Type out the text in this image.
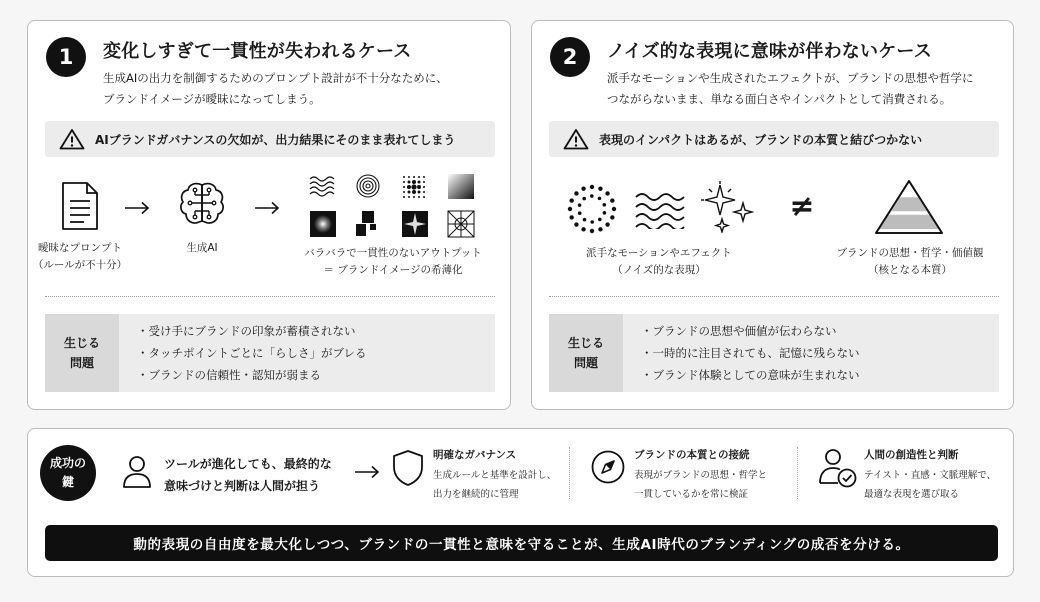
1	変化しすぎて一貫性が失われるケース
生成AIの出力を制御するためのプロンプト設計が不十分なために、
ブランドイメージが曖昧になってしまう。
AIブランドガバナンスの欠如が、出力結果にそのまま表れてしまう
曖昧なプロンプト
（ルールが不十分）
生成AI	バラバラで一貫性のないアウトプット
＝ ブランドイメージの希薄化
生じる
問題
・受け手にブランドの印象が蓄積されない
・タッチポイントごとに「らしさ」がブレる
・ブランドの信頼性・認知が弱まる
2	ノイズ的な表現に意味が伴わないケース
派手なモーションや生成されたエフェクトが、ブランドの思想や哲学に
つながらないまま、単なる面白さやインパクトとして消費される。
表現のインパクトはあるが、ブランドの本質と結びつかない
派手なモーションやエフェクト
（ノイズ的な表現）
≠
ブランドの思想・哲学・価値観
（核となる本質）
生じる
問題
・ブランドの思想や価値が伝わらない
・一時的に注目されても、記憶に残らない
・ブランド体験としての意味が生まれない
成功の
鍵
ツールが進化しても、最終的な
意味づけと判断は人間が担う
明確なガバナンス
生成ルールと基準を設計し、
出力を継続的に管理
ブランドの本質との接続
表現がブランドの思想・哲学と
一貫しているかを常に検証
人間の創造性と判断
テイスト・直感・文脈理解で、
最適な表現を選び取る
動的表現の自由度を最大化しつつ、ブランドの一貫性と意味を守ることが、生成AI時代のブランディングの成否を分ける。
